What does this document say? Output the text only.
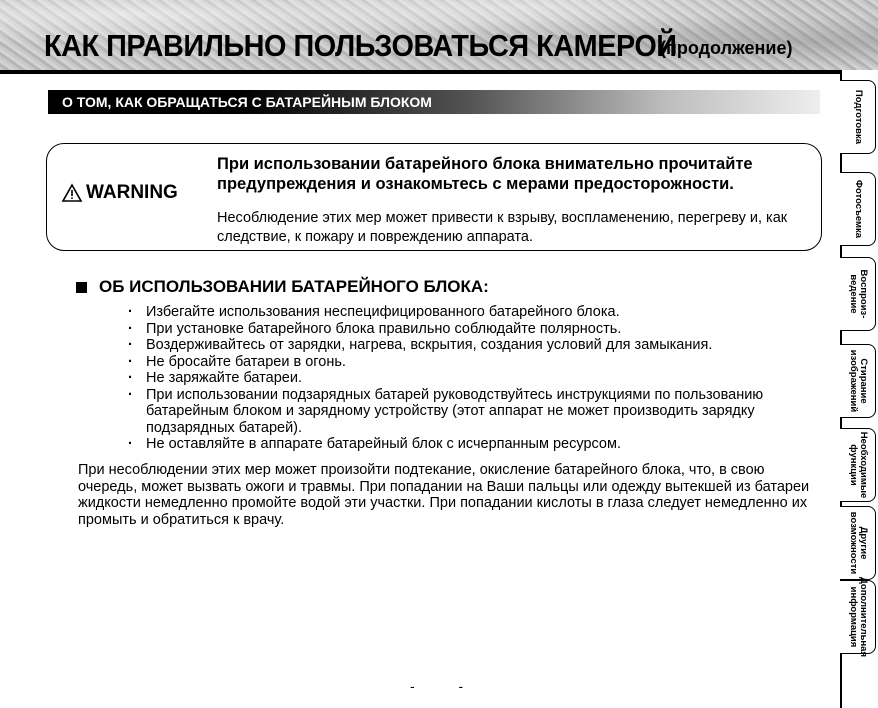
КАК ПРАВИЛЬНО ПОЛЬЗОВАТЬСЯ КАМЕРОЙ
(продолжение)
О ТОМ, КАК ОБРАЩАТЬСЯ С БАТАРЕЙНЫМ БЛОКОМ
WARNING
При использовании батарейного блока внимательно прочитайте предупреждения и ознакомьтесь с мерами предосторожности.
Несоблюдение этих мер может привести к взрыву, воспламенению, перегреву и, как следствие, к пожару и повреждению аппарата.
ОБ ИСПОЛЬЗОВАНИИ БАТАРЕЙНОГО БЛОКА:
· Избегайте использования неспецифицированного батарейного блока.
· При установке батарейного блока правильно соблюдайте полярность.
· Воздерживайтесь от зарядки, нагрева, вскрытия, создания условий для замыкания.
· Не бросайте батареи в огонь.
· Не заряжайте батареи.
· При использовании подзарядных батарей руководствуйтесь инструкциями по пользованию батарейным блоком и зарядному устройству (этот аппарат не может производить зарядку подзарядных батарей).
· Не оставляйте в аппарате батарейный блок с исчерпанным ресурсом.
При несоблюдении этих мер может произойти подтекание, окисление батарейного блока, что, в свою очередь, может вызвать ожоги и травмы. При попадании на Ваши пальцы или одежду вытекшей из батареи жидкости немедленно промойте водой эти участки. При попадании кислоты в глаза следует немедленно их промыть и обратиться к врачу.
- -
Подготовка
Фотосъемка
Воспроиз-
ведение
Стирание
изображений
Необходимые
функции
Другие
возможности
Дополнительная
информация
